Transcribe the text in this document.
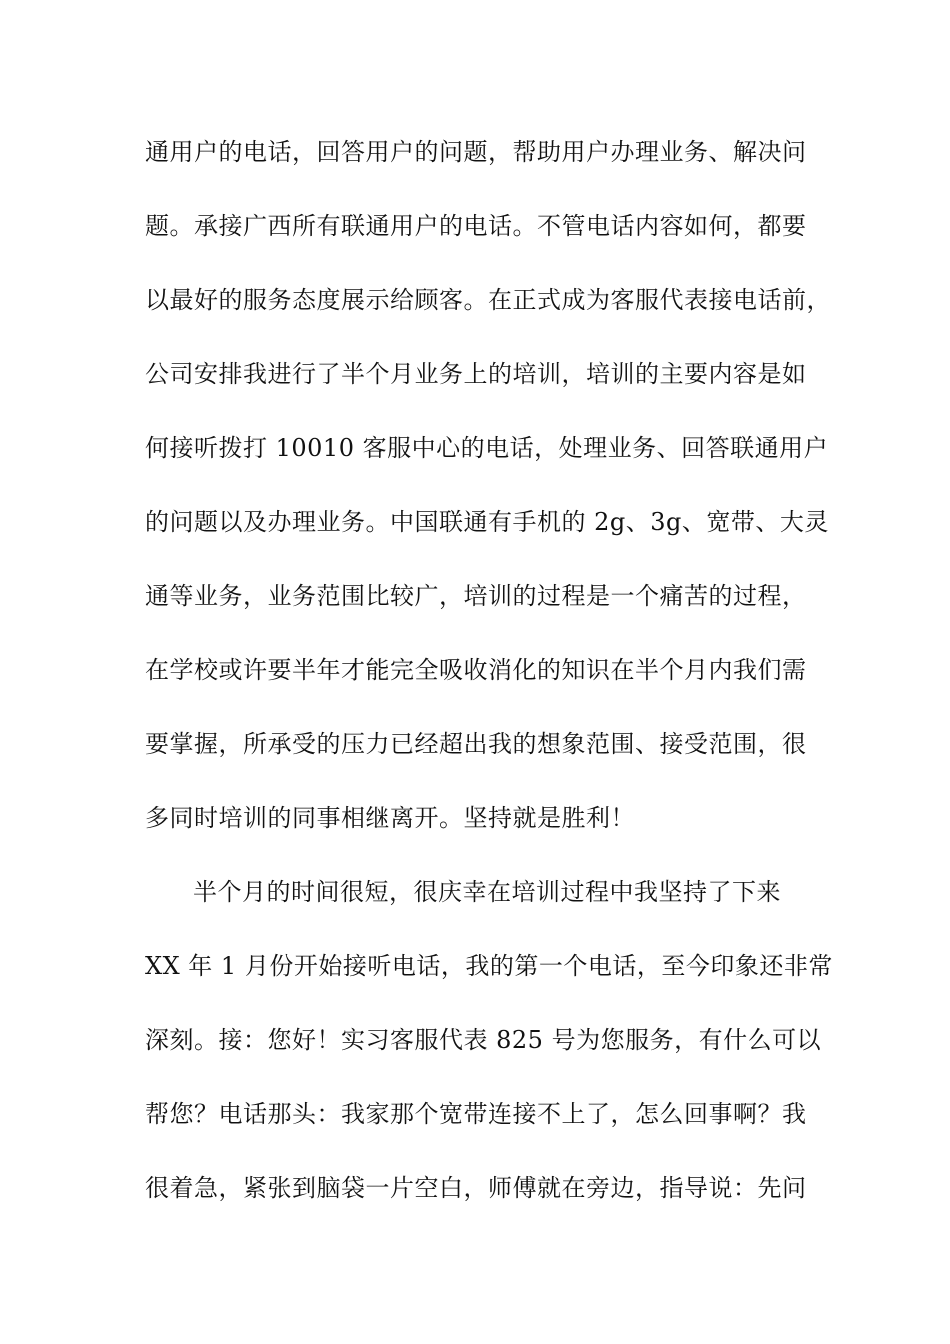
通用户的电话，回答用户的问题，帮助用户办理业务、解决问
题。承接广西所有联通用户的电话。不管电话内容如何，都要
以最好的服务态度展示给顾客。在正式成为客服代表接电话前，
公司安排我进行了半个月业务上的培训，培训的主要内容是如
何接听拨打 10010 客服中心的电话，处理业务、回答联通用户
的问题以及办理业务。中国联通有手机的 2g、3g、宽带、大灵
通等业务，业务范围比较广，培训的过程是一个痛苦的过程，
在学校或许要半年才能完全吸收消化的知识在半个月内我们需
要掌握，所承受的压力已经超出我的想象范围、接受范围，很
多同时培训的同事相继离开。坚持就是胜利！
半个月的时间很短，很庆幸在培训过程中我坚持了下来
XX 年 1 月份开始接听电话，我的第一个电话，至今印象还非常
深刻。接：您好！实习客服代表 825 号为您服务，有什么可以
帮您？电话那头：我家那个宽带连接不上了，怎么回事啊？我
很着急，紧张到脑袋一片空白，师傅就在旁边，指导说：先问
